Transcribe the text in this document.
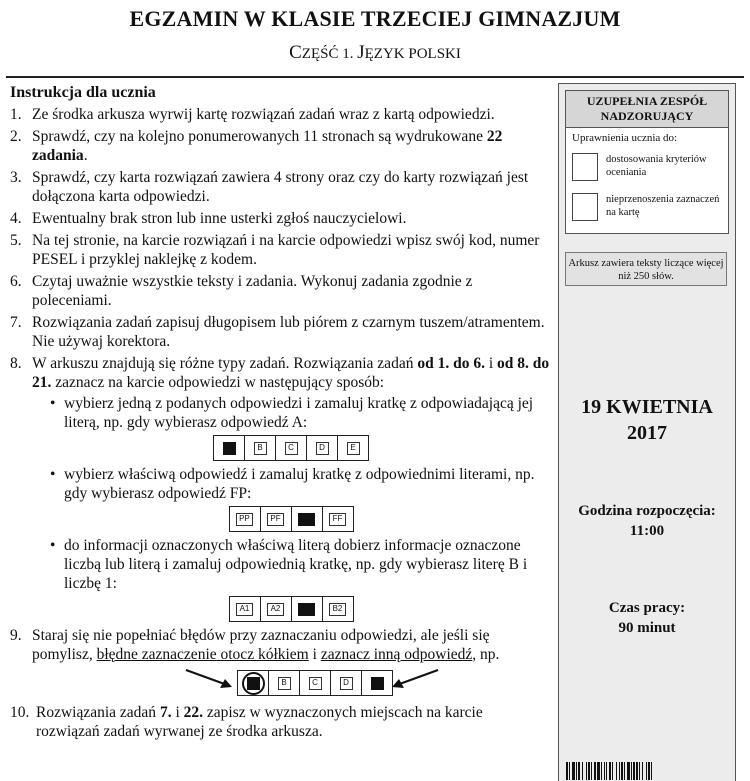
EGZAMIN W KLASIE TRZECIEJ GIMNAZJUM
CZĘŚĆ 1. JĘZYK POLSKI
Instrukcja dla ucznia
1. Ze środka arkusza wyrwij kartę rozwiązań zadań wraz z kartą odpowiedzi.
2. Sprawdź, czy na kolejno ponumerowanych 11 stronach są wydrukowane 22 zadania.
3. Sprawdź, czy karta rozwiązań zawiera 4 strony oraz czy do karty rozwiązań jest dołączona karta odpowiedzi.
4. Ewentualny brak stron lub inne usterki zgłoś nauczycielowi.
5. Na tej stronie, na karcie rozwiązań i na karcie odpowiedzi wpisz swój kod, numer PESEL i przyklej naklejkę z kodem.
6. Czytaj uważnie wszystkie teksty i zadania. Wykonuj zadania zgodnie z poleceniami.
7. Rozwiązania zadań zapisuj długopisem lub piórem z czarnym tuszem/atramentem. Nie używaj korektora.
8. W arkuszu znajdują się różne typy zadań. Rozwiązania zadań od 1. do 6. i od 8. do 21. zaznacz na karcie odpowiedzi w następujący sposób:
• wybierz jedną z podanych odpowiedzi i zamaluj kratkę z odpowiadającą jej literą, np. gdy wybierasz odpowiedź A:
B	C	D	E
• wybierz właściwą odpowiedź i zamaluj kratkę z odpowiednimi literami, np. gdy wybierasz odpowiedź FP:
PP	PF	FF
• do informacji oznaczonych właściwą literą dobierz informacje oznaczone liczbą lub literą i zamaluj odpowiednią kratkę, np. gdy wybierasz literę B i liczbę 1:
A1	A2	B2
9. Staraj się nie popełniać błędów przy zaznaczaniu odpowiedzi, ale jeśli się pomylisz, błędne zaznaczenie otocz kółkiem i zaznacz inną odpowiedź, np.
B	C	D
10. Rozwiązania zadań 7. i 22. zapisz w wyznaczonych miejscach na karcie rozwiązań zadań wyrwanej ze środka arkusza.
UZUPEŁNIA ZESPÓŁ NADZORUJĄCY
Uprawnienia ucznia do:
dostosowania kryteriów oceniania
nieprzenoszenia zaznaczeń na kartę
Arkusz zawiera teksty liczące więcej niż 250 słów.
19 KWIETNIA
2017
Godzina rozpoczęcia:
11:00
Czas pracy:
90 minut
